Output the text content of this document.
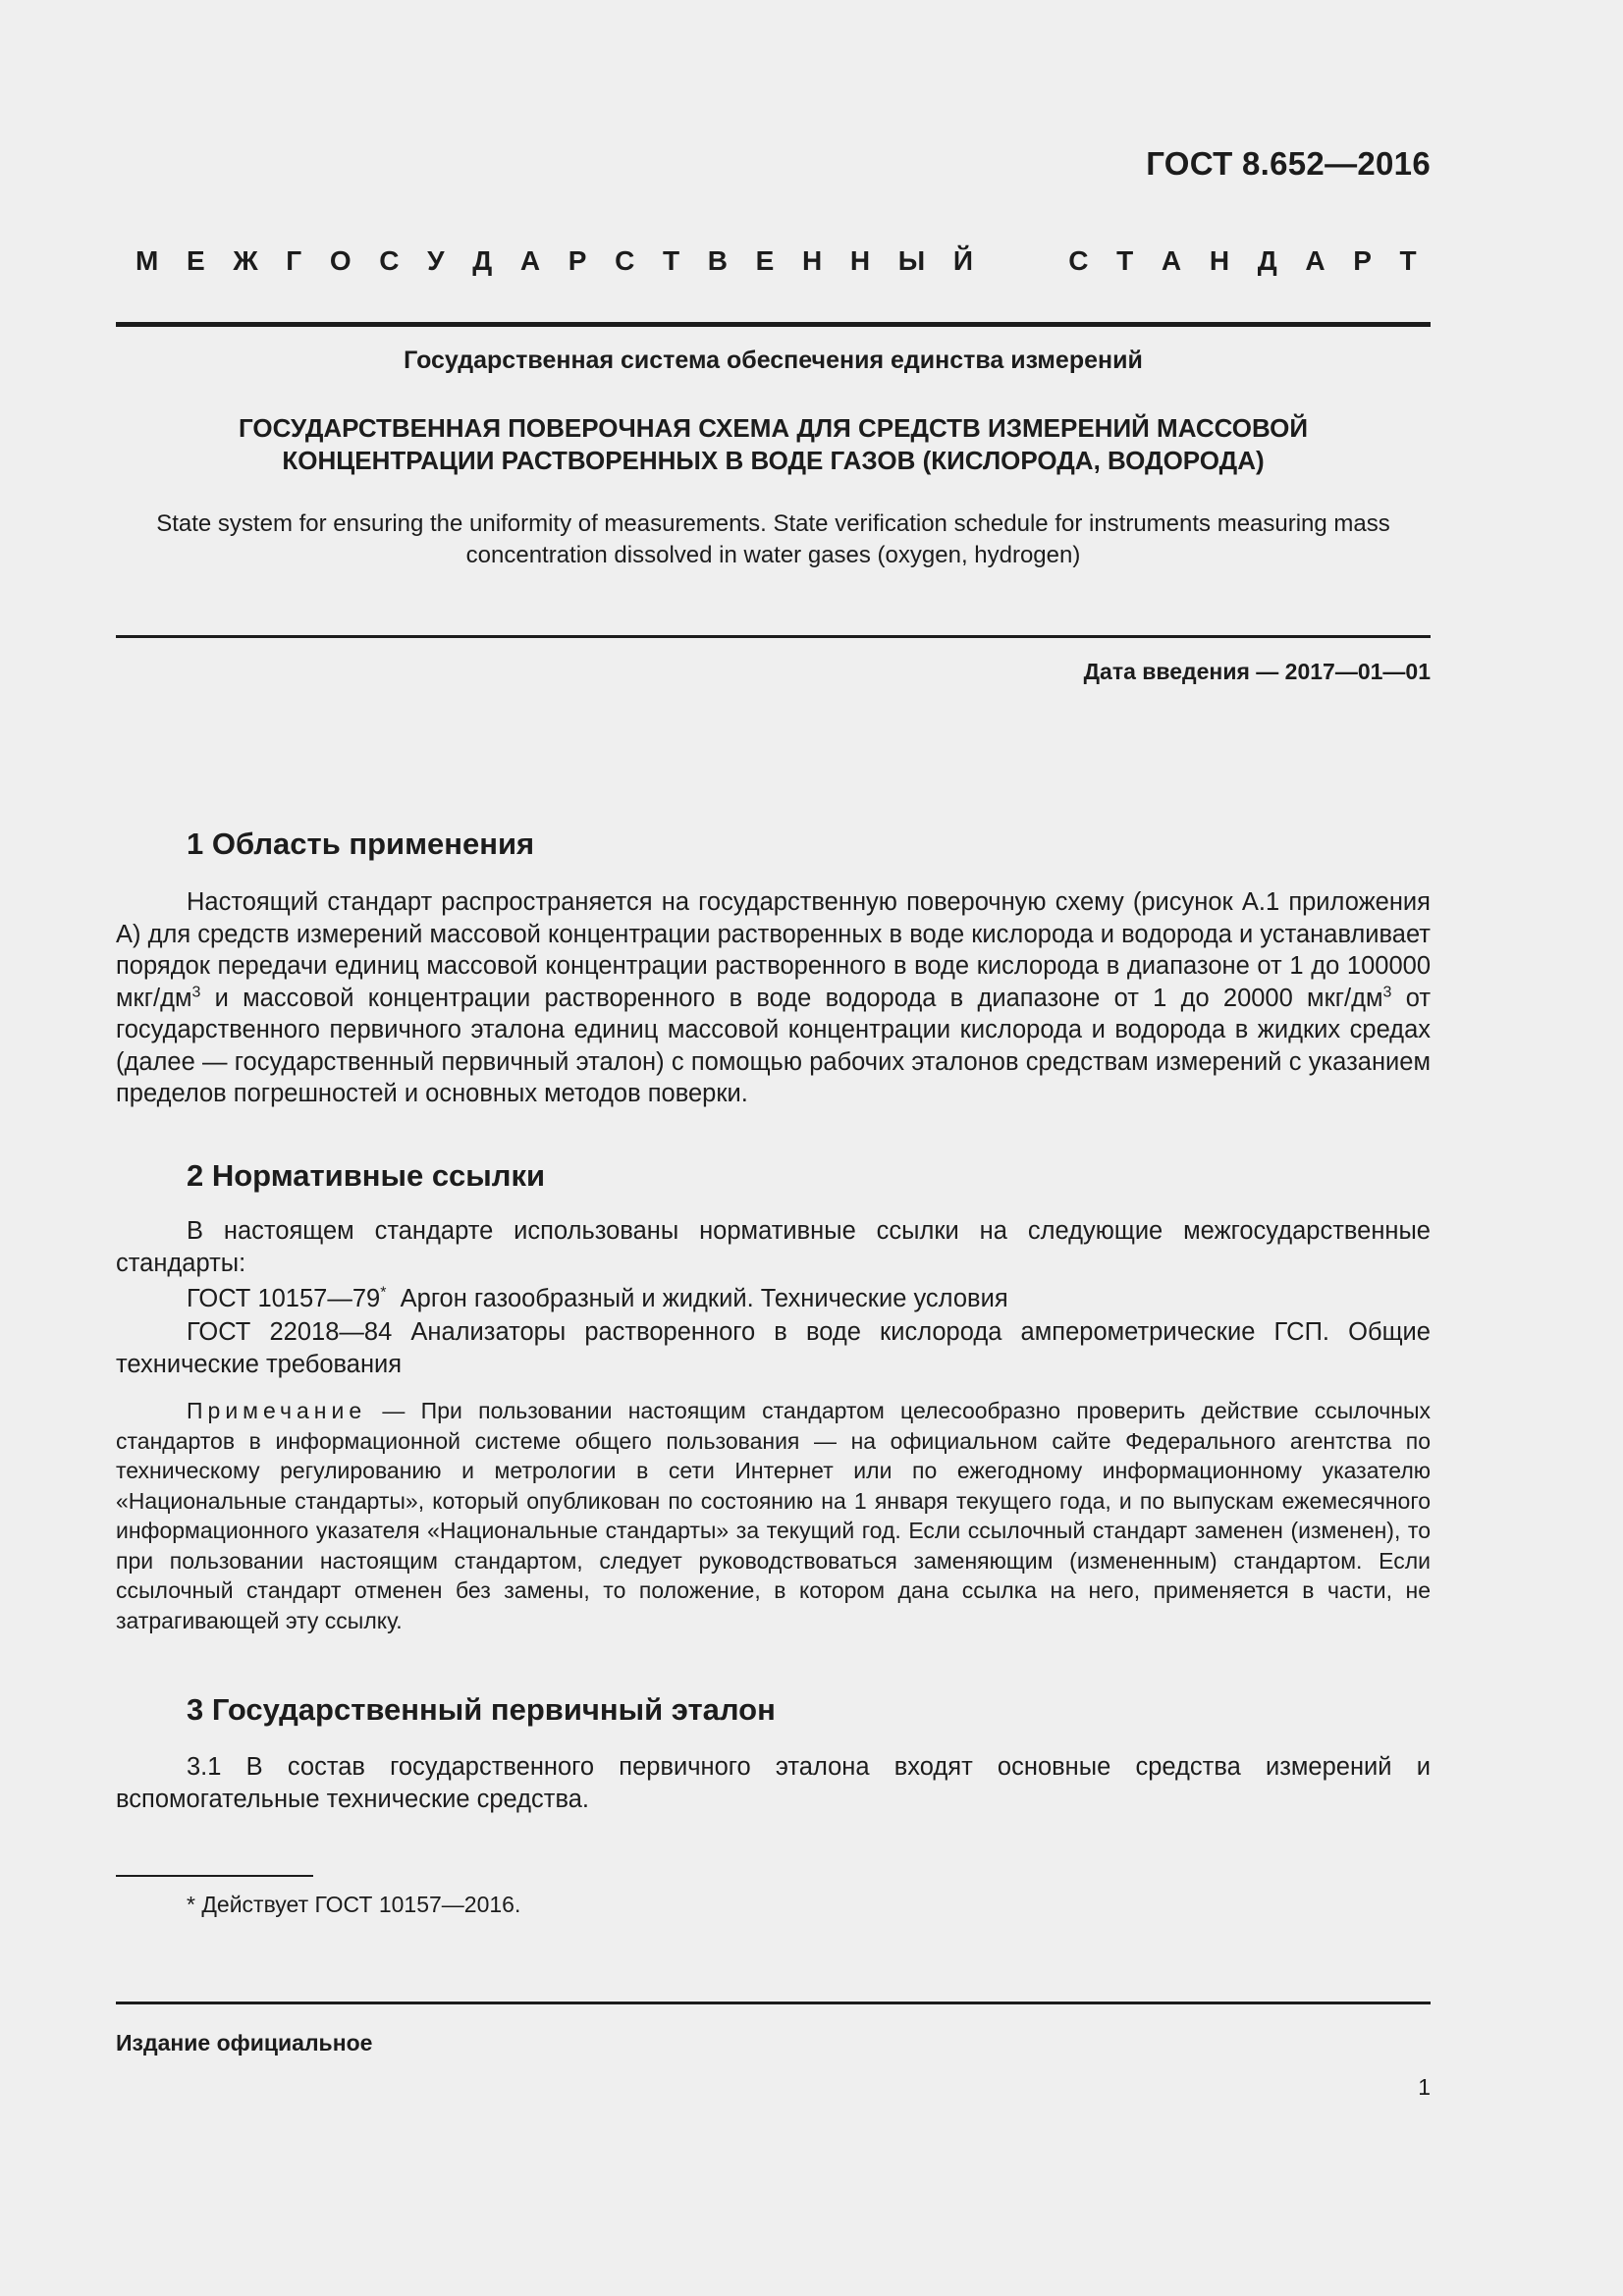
ГОСТ 8.652—2016
М Е Ж Г О С У Д А Р С Т В Е Н Н Ы Й	С Т А Н Д А Р Т
Государственная система обеспечения единства измерений
ГОСУДАРСТВЕННАЯ ПОВЕРОЧНАЯ СХЕМА ДЛЯ СРЕДСТВ ИЗМЕРЕНИЙ МАССОВОЙ
КОНЦЕНТРАЦИИ РАСТВОРЕННЫХ В ВОДЕ ГАЗОВ (КИСЛОРОДА, ВОДОРОДА)
State system for ensuring the uniformity of measurements. State verification schedule for instruments measuring mass
concentration dissolved in water gases (oxygen, hydrogen)
Дата введения — 2017—01—01
1 Область применения
Настоящий стандарт распространяется на государственную поверочную схему (рисунок А.1 приложения А) для средств измерений массовой концентрации растворенных в воде кислорода и водорода и устанавливает порядок передачи единиц массовой концентрации растворенного в воде кислорода в диапазоне от 1 до 100000 мкг/$дм^3$ и массовой концентрации растворенного в воде водорода в диапазоне от 1 до 20000 мкг/$дм^3$ от государственного первичного эталона единиц массовой концентрации кислорода и водорода в жидких средах (далее — государственный первичный эталон) с помощью рабочих эталонов средствам измерений с указанием пределов погрешностей и основных методов поверки.
2 Нормативные ссылки
В настоящем стандарте использованы нормативные ссылки на следующие межгосударственные стандарты:
ГОСТ 10157—79*  Аргон газообразный и жидкий. Технические условия
ГОСТ 22018—84 Анализаторы растворенного в воде кислорода амперометрические ГСП. Общие технические требования
Примечание — При пользовании настоящим стандартом целесообразно проверить действие ссылочных стандартов в информационной системе общего пользования — на официальном сайте Федерального агентства по техническому регулированию и метрологии в сети Интернет или по ежегодному информационному указателю «Национальные стандарты», который опубликован по состоянию на 1 января текущего года, и по выпускам ежемесячного информационного указателя «Национальные стандарты» за текущий год. Если ссылочный стандарт заменен (изменен), то при пользовании настоящим стандартом, следует руководствоваться заменяющим (измененным) стандартом. Если ссылочный стандарт отменен без замены, то положение, в котором дана ссылка на него, применяется в части, не затрагивающей эту ссылку.
3 Государственный первичный эталон
3.1 В состав государственного первичного эталона входят основные средства измерений и вспомогательные технические средства.
* Действует ГОСТ 10157—2016.
Издание официальное
1
